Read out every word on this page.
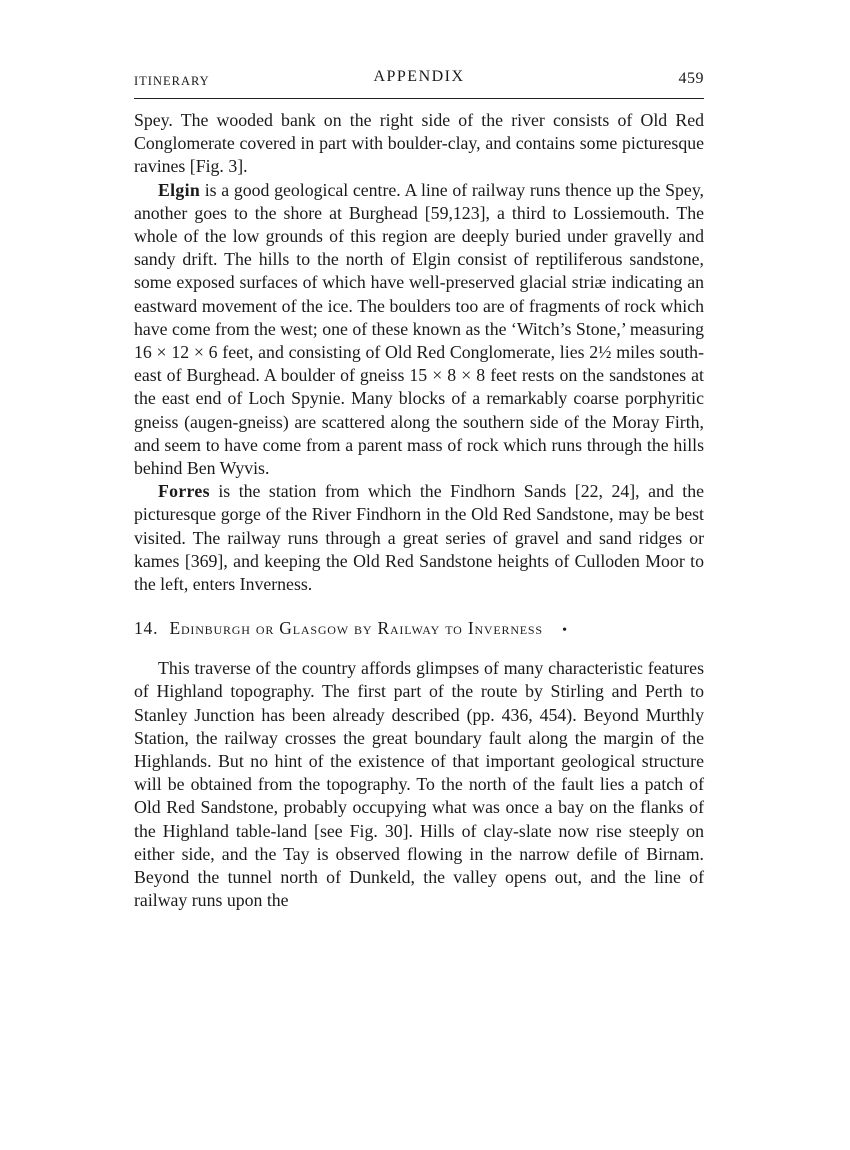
ITINERARY	APPENDIX	459

Spey. The wooded bank on the right side of the river consists of Old Red Conglomerate covered in part with boulder-clay, and contains some picturesque ravines [Fig. 3].

Elgin is a good geological centre. A line of railway runs thence up the Spey, another goes to the shore at Burghead [59,123], a third to Lossiemouth. The whole of the low grounds of this region are deeply buried under gravelly and sandy drift. The hills to the north of Elgin consist of reptiliferous sandstone, some exposed surfaces of which have well-preserved glacial striæ indicating an eastward movement of the ice. The boulders too are of fragments of rock which have come from the west; one of these known as the ‘Witch’s Stone,’ measuring 16 × 12 × 6 feet, and consisting of Old Red Conglomerate, lies 2½ miles south-east of Burghead. A boulder of gneiss 15 × 8 × 8 feet rests on the sandstones at the east end of Loch Spynie. Many blocks of a remarkably coarse porphyritic gneiss (augen-gneiss) are scattered along the southern side of the Moray Firth, and seem to have come from a parent mass of rock which runs through the hills behind Ben Wyvis.

Forres is the station from which the Findhorn Sands [22, 24], and the picturesque gorge of the River Findhorn in the Old Red Sandstone, may be best visited. The railway runs through a great series of gravel and sand ridges or kames [369], and keeping the Old Red Sandstone heights of Culloden Moor to the left, enters Inverness.

14. Edinburgh or Glasgow by Railway to Inverness •

This traverse of the country affords glimpses of many characteristic features of Highland topography. The first part of the route by Stirling and Perth to Stanley Junction has been already described (pp. 436, 454). Beyond Murthly Station, the railway crosses the great boundary fault along the margin of the Highlands. But no hint of the existence of that important geological structure will be obtained from the topography. To the north of the fault lies a patch of Old Red Sandstone, probably occupying what was once a bay on the flanks of the Highland table-land [see Fig. 30]. Hills of clay-slate now rise steeply on either side, and the Tay is observed flowing in the narrow defile of Birnam. Beyond the tunnel north of Dunkeld, the valley opens out, and the line of railway runs upon the
